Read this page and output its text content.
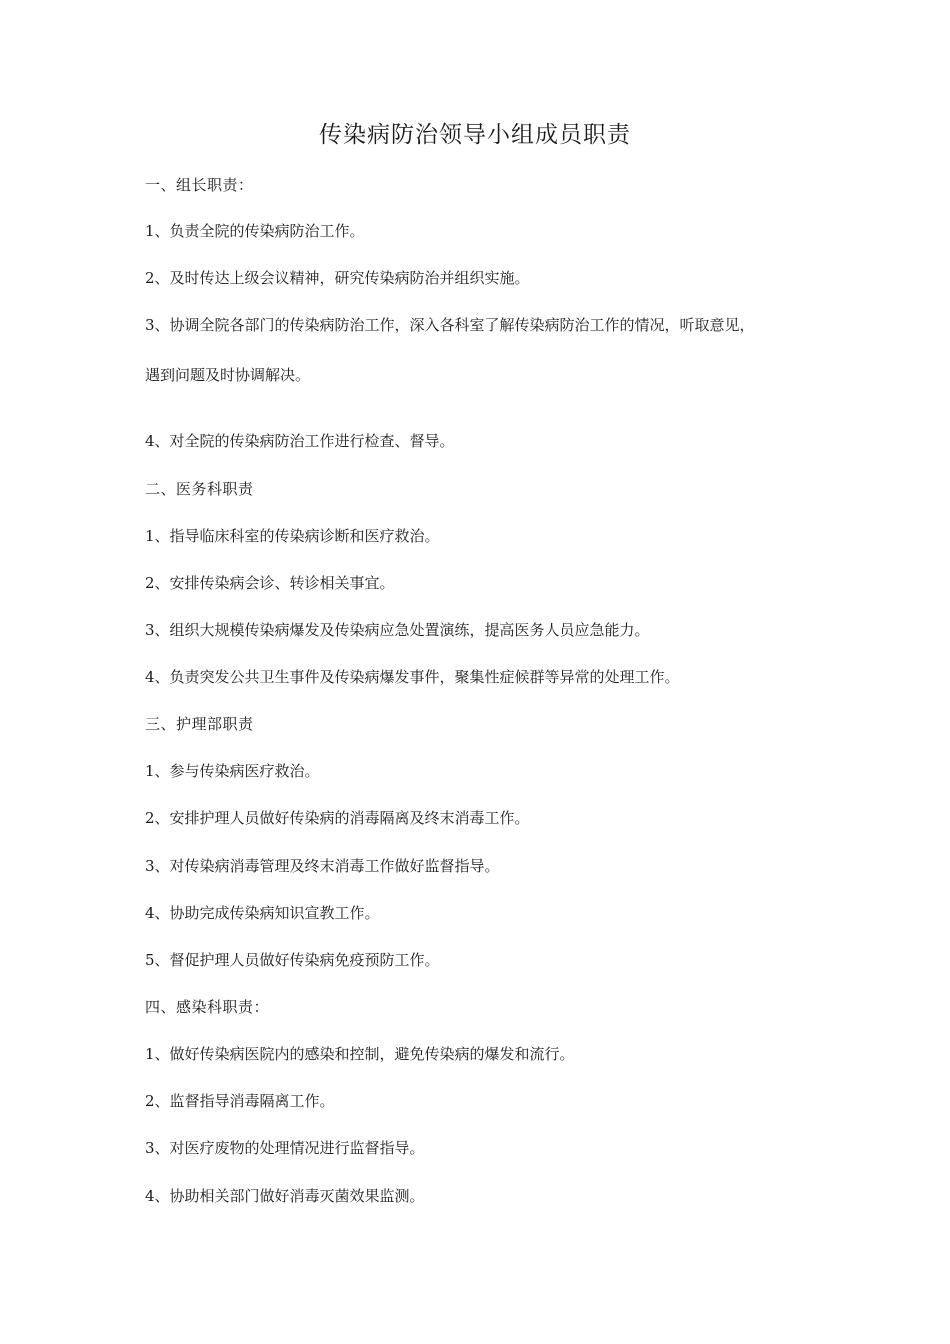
传染病防治领导小组成员职责
一、组长职责：
1、负责全院的传染病防治工作。
2、及时传达上级会议精神，研究传染病防治并组织实施。
3、协调全院各部门的传染病防治工作，深入各科室了解传染病防治工作的情况，听取意见，
遇到问题及时协调解决。
4、对全院的传染病防治工作进行检查、督导。
二、医务科职责
1、指导临床科室的传染病诊断和医疗救治。
2、安排传染病会诊、转诊相关事宜。
3、组织大规模传染病爆发及传染病应急处置演练，提高医务人员应急能力。
4、负责突发公共卫生事件及传染病爆发事件，聚集性症候群等异常的处理工作。
三、护理部职责
1、参与传染病医疗救治。
2、安排护理人员做好传染病的消毒隔离及终末消毒工作。
3、对传染病消毒管理及终末消毒工作做好监督指导。
4、协助完成传染病知识宣教工作。
5、督促护理人员做好传染病免疫预防工作。
四、感染科职责：
1、做好传染病医院内的感染和控制，避免传染病的爆发和流行。
2、监督指导消毒隔离工作。
3、对医疗废物的处理情况进行监督指导。
4、协助相关部门做好消毒灭菌效果监测。
